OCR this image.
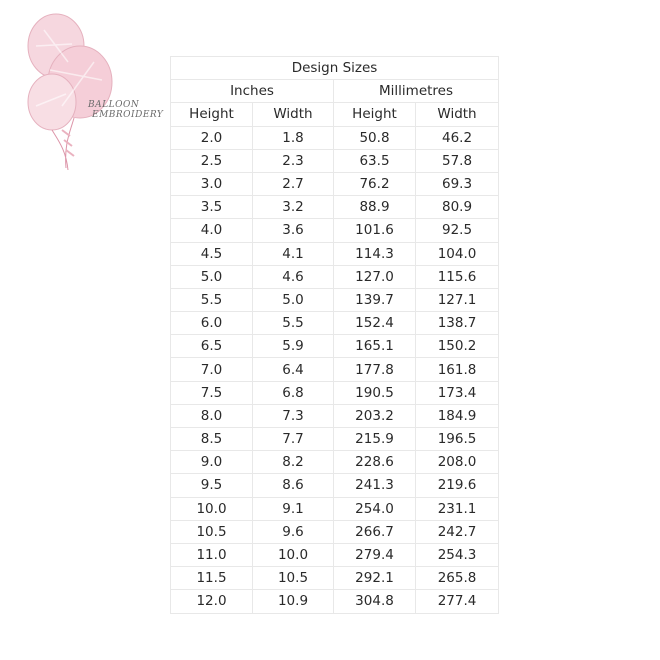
BALLOON
EMBROIDERY
Design Sizes			
Inches		Millimetres	
Height	Width	Height	Width
2.0	1.8	50.8	46.2
2.5	2.3	63.5	57.8
3.0	2.7	76.2	69.3
3.5	3.2	88.9	80.9
4.0	3.6	101.6	92.5
4.5	4.1	114.3	104.0
5.0	4.6	127.0	115.6
5.5	5.0	139.7	127.1
6.0	5.5	152.4	138.7
6.5	5.9	165.1	150.2
7.0	6.4	177.8	161.8
7.5	6.8	190.5	173.4
8.0	7.3	203.2	184.9
8.5	7.7	215.9	196.5
9.0	8.2	228.6	208.0
9.5	8.6	241.3	219.6
10.0	9.1	254.0	231.1
10.5	9.6	266.7	242.7
11.0	10.0	279.4	254.3
11.5	10.5	292.1	265.8
12.0	10.9	304.8	277.4
